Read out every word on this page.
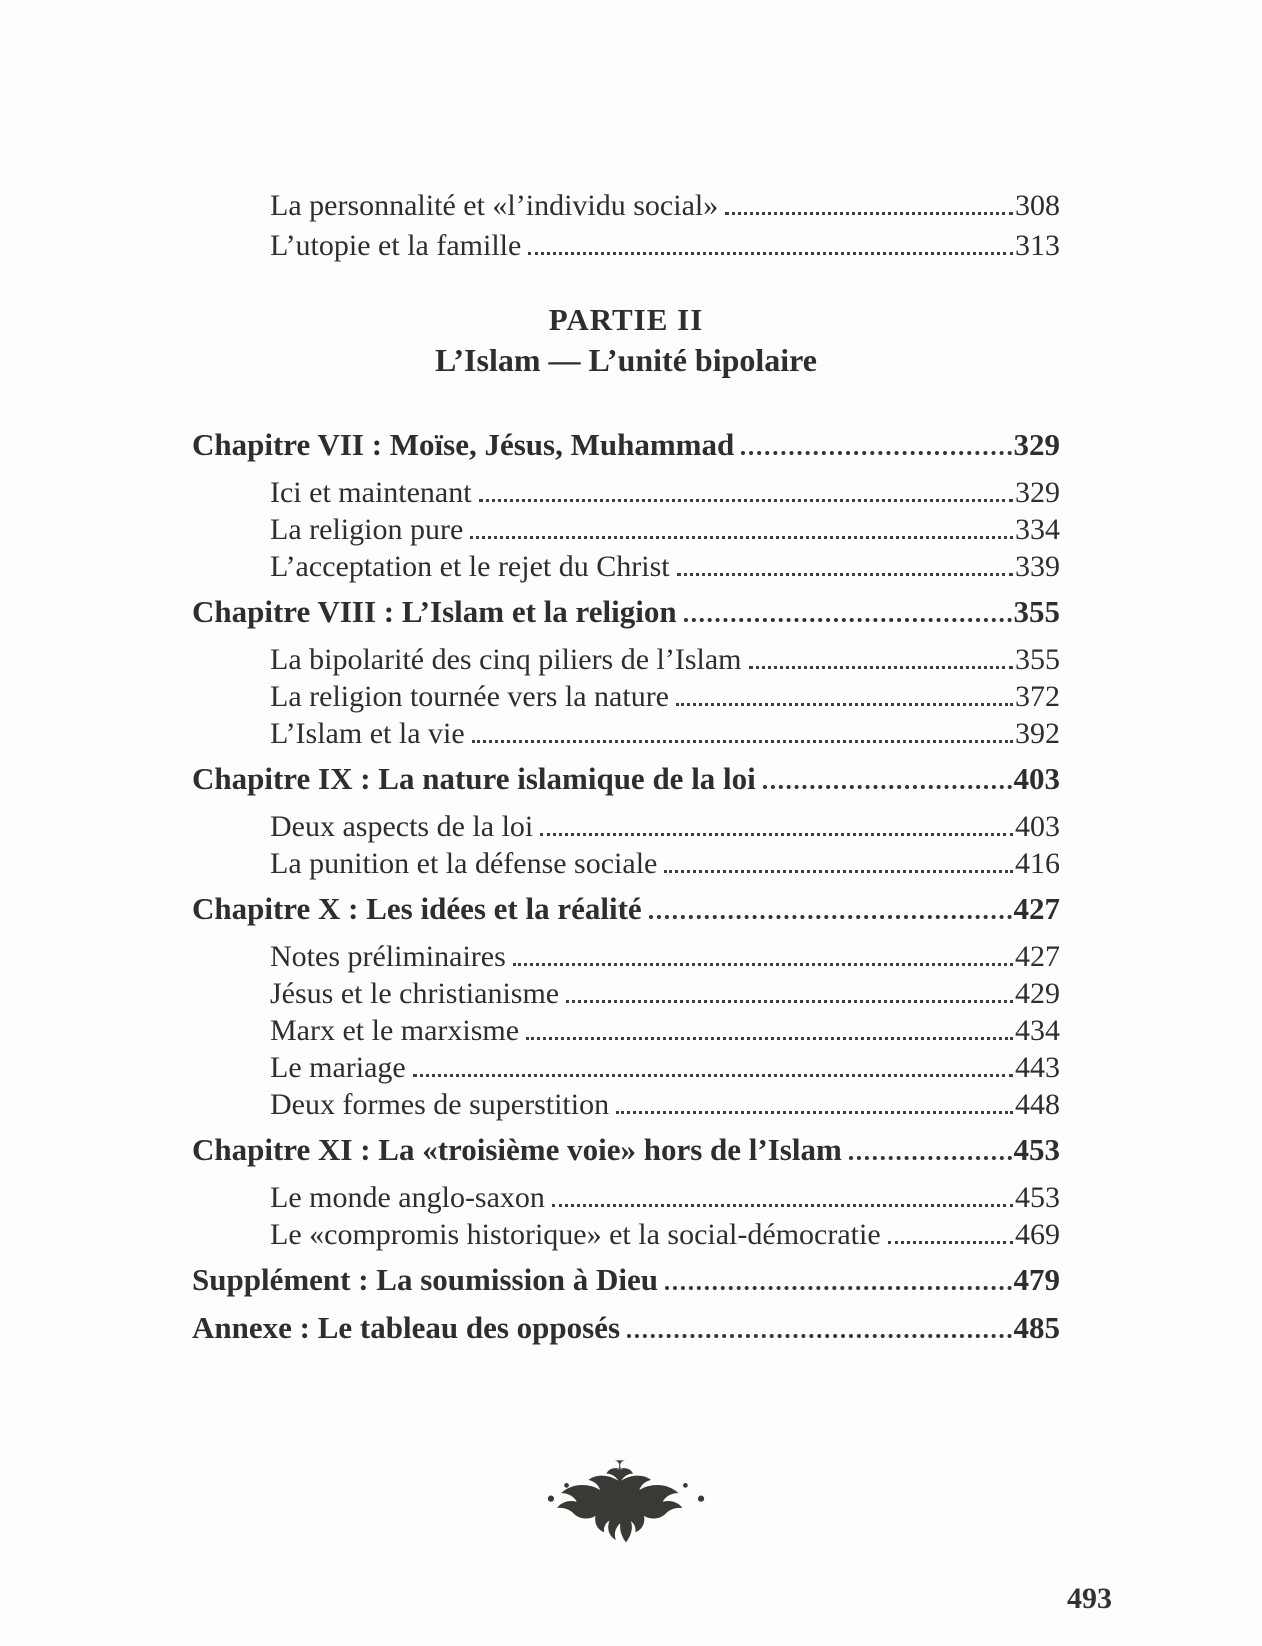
La personnalité et «l’individu social»	308
L’utopie et la famille	313
PARTIE II
L’Islam — L’unité bipolaire
Chapitre VII : Moïse, Jésus, Muhammad	329
Ici et maintenant	329
La religion pure	334
L’acceptation et le rejet du Christ	339
Chapitre VIII : L’Islam et la religion	355
La bipolarité des cinq piliers de l’Islam	355
La religion tournée vers la nature	372
L’Islam et la vie	392
Chapitre IX : La nature islamique de la loi	403
Deux aspects de la loi	403
La punition et la défense sociale	416
Chapitre X : Les idées et la réalité	427
Notes préliminaires	427
Jésus et le christianisme	429
Marx et le marxisme	434
Le mariage	443
Deux formes de superstition	448
Chapitre XI : La «troisième voie» hors de l’Islam	453
Le monde anglo-saxon	453
Le «compromis historique» et la social-démocratie	469
Supplément : La soumission à Dieu	479
Annexe : Le tableau des opposés	485
493
